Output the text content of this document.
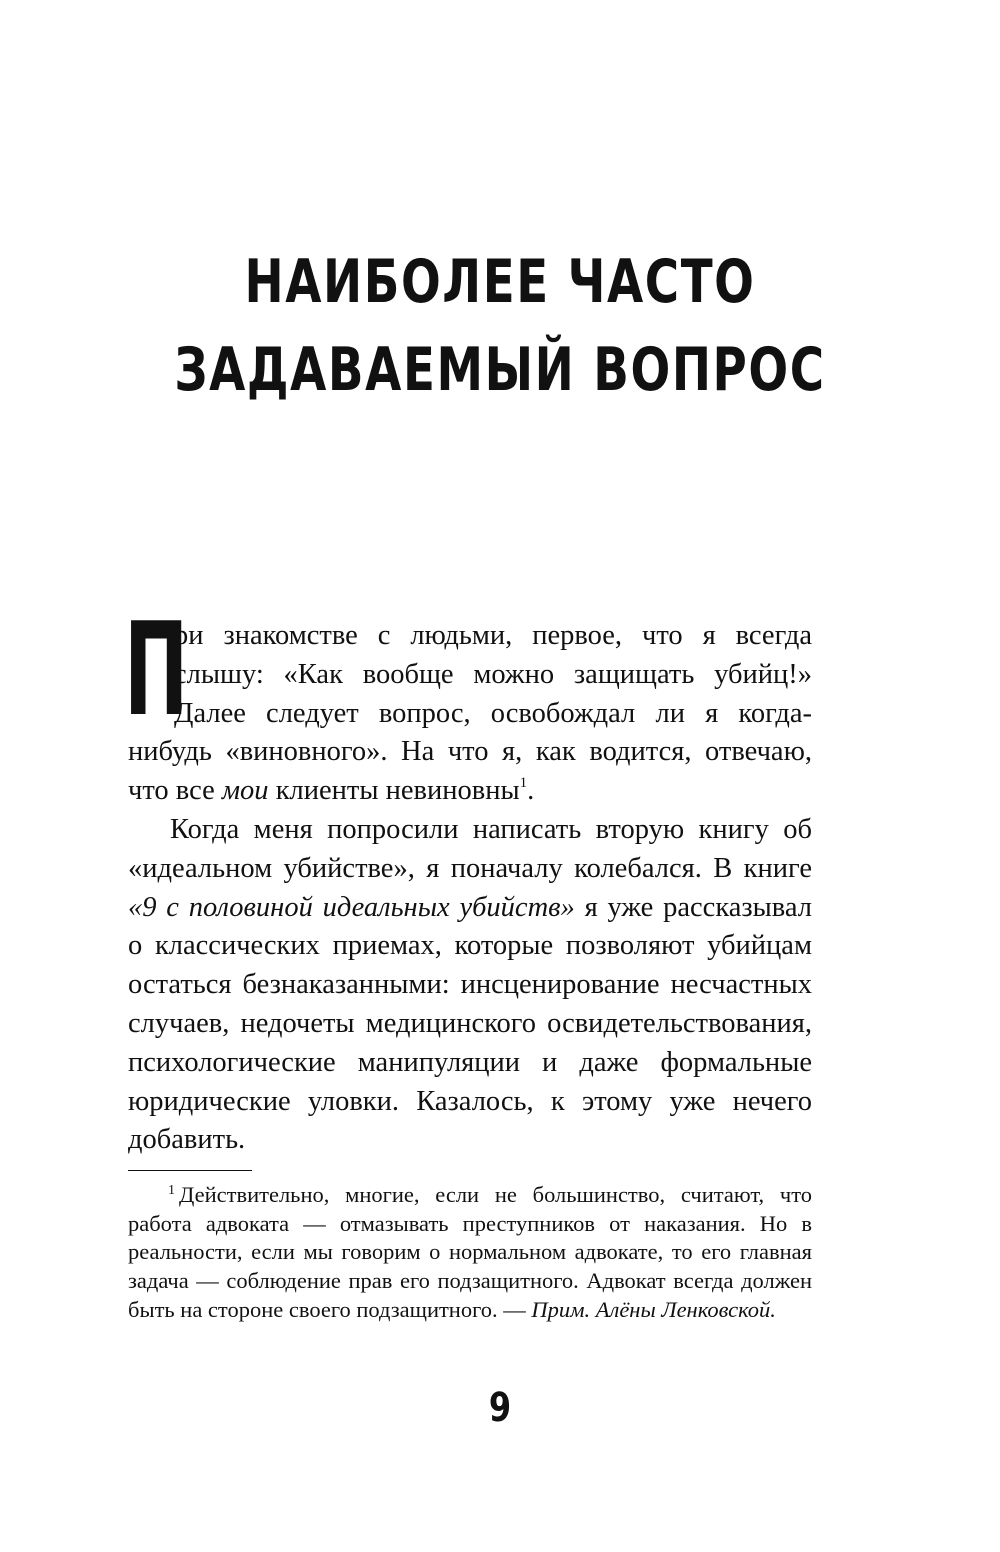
НАИБОЛЕЕ ЧАСТО
ЗАДАВАЕМЫЙ ВОПРОС

П
ри знакомстве с людьми, первое, что я всегда слышу: «Как вообще можно защищать убийц!» Далее следует вопрос, освобождал ли я когда-нибудь «виновного». На что я, как водится, отвечаю, что все мои клиенты невиновны$^1$.

Когда меня попросили написать вторую книгу об «идеальном убийстве», я поначалу колебался. В книге «9 с половиной идеальных убийств» я уже рассказывал о классических приемах, которые позволяют убийцам остаться безнаказанными: инсценирование несчастных случаев, недочеты медицинского освидетельствования, психологические манипуляции и даже формальные юридические уловки. Казалось, к этому уже нечего добавить.

$^1$ Действительно, многие, если не большинство, считают, что работа адвоката — отмазывать преступников от наказания. Но в реальности, если мы говорим о нормальном адвокате, то его главная задача — соблюдение прав его подзащитного. Адвокат всегда должен быть на стороне своего подзащитного. — Прим. Алёны Ленковской.

9
